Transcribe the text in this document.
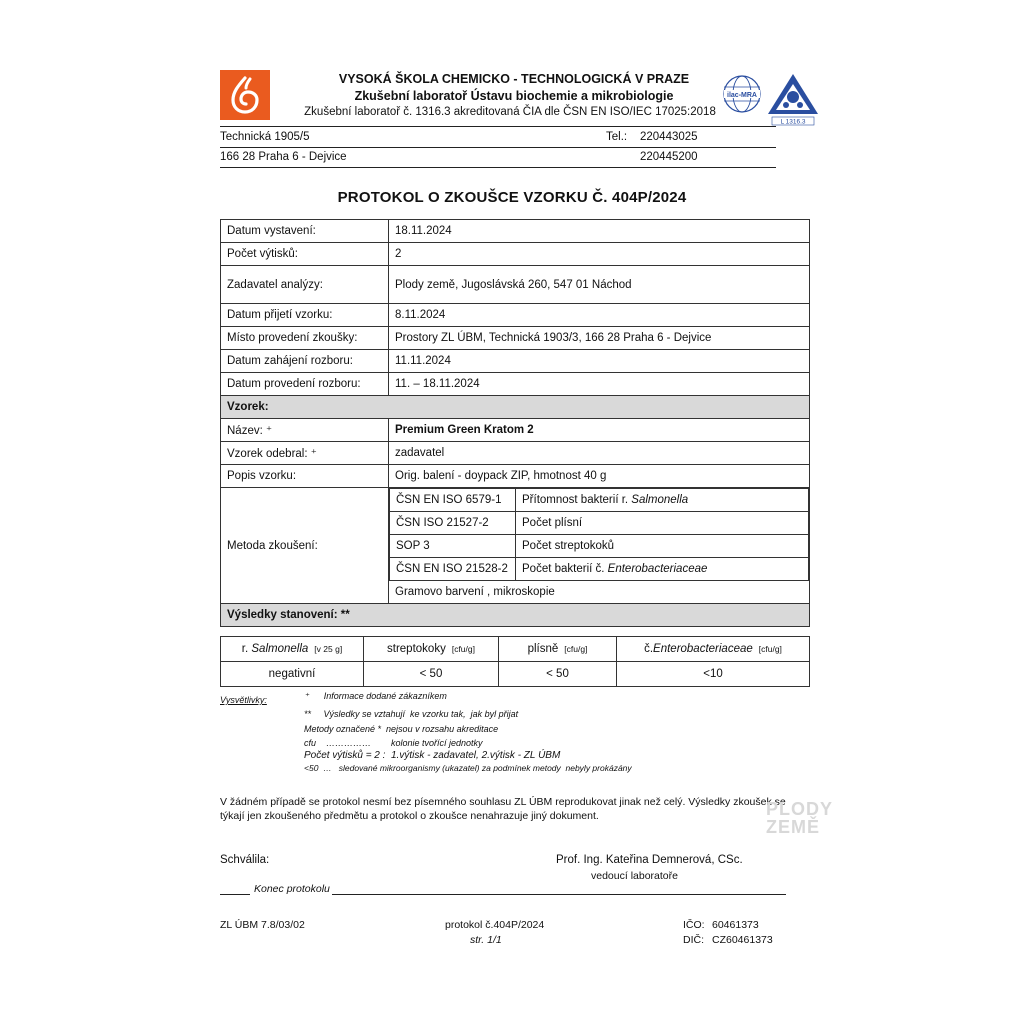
VYSOKÁ ŠKOLA CHEMICKO - TECHNOLOGICKÁ V PRAZE
Zkušební laboratoř Ústavu biochemie a mikrobiologie
Zkušební laboratoř č. 1316.3 akreditovaná ČIA dle ČSN EN ISO/IEC 17025:2018
ilac-MRA
L 1316.3
Technická 1905/5	Tel.: 220443025
166 28 Praha 6 - Dejvice	220445200
PROTOKOL O ZKOUŠCE VZORKU Č. 404P/2024
Datum vystavení:	18.11.2024
Počet výtisků:	2
Zadavatel analýzy:	Plody země, Jugoslávská 260, 547 01 Náchod
Datum přijetí vzorku:	8.11.2024
Místo provedení zkoušky:	Prostory ZL ÚBM, Technická 1903/3, 166 28 Praha 6 - Dejvice
Datum zahájení rozboru:	11.11.2024
Datum provedení rozboru:	11. – 18.11.2024
Vzorek:
Název: ⁺	Premium Green Kratom 2
Vzorek odebral: ⁺	zadavatel
Popis vzorku:	Orig. balení - doypack ZIP, hmotnost 40 g
Metoda zkoušení:	
ČSN EN ISO 6579-1	Přítomnost bakterií r. Salmonella
ČSN ISO 21527-2	Počet plísní
SOP 3	Počet streptokoků
ČSN EN ISO 21528-2	Počet bakterií č. Enterobacteriaceae

Gramovo barvení , mikroskopie
Výsledky stanovení: **
r. Salmonella [v 25 g]	streptokoky [cfu/g]	plísně [cfu/g]	č.Enterobacteriaceae [cfu/g]
negativní	< 50	< 50	<10
Vysvětlivky:	⁺      Informace dodané zákazníkem
**     Výsledky se vztahují  ke vzorku tak,  jak byl přijat
Metody označené *  nejsou v rozsahu akreditace
cfu    ……………        kolonie tvořící jednotky
Počet výtisků = 2 :  1.výtisk - zadavatel, 2.výtisk - ZL ÚBM
<50  …   sledované mikroorganismy (ukazatel) za podmínek metody  nebyly prokázány
V žádném případě se protokol nesmí bez písemného souhlasu ZL ÚBM reprodukovat jinak než celý. Výsledky zkoušek se
týkají jen zkoušeného předmětu a protokol o zkoušce nenahrazuje jiný dokument.	PLODY
ZEMĚ
Schválila:	Prof. Ing. Kateřina Demnerová, CSc.
vedoucí laboratoře
Konec protokolu
ZL ÚBM 7.8/03/02	protokol č.404P/2024
str. 1/1
IČO: 60461373
DIČ: CZ60461373
